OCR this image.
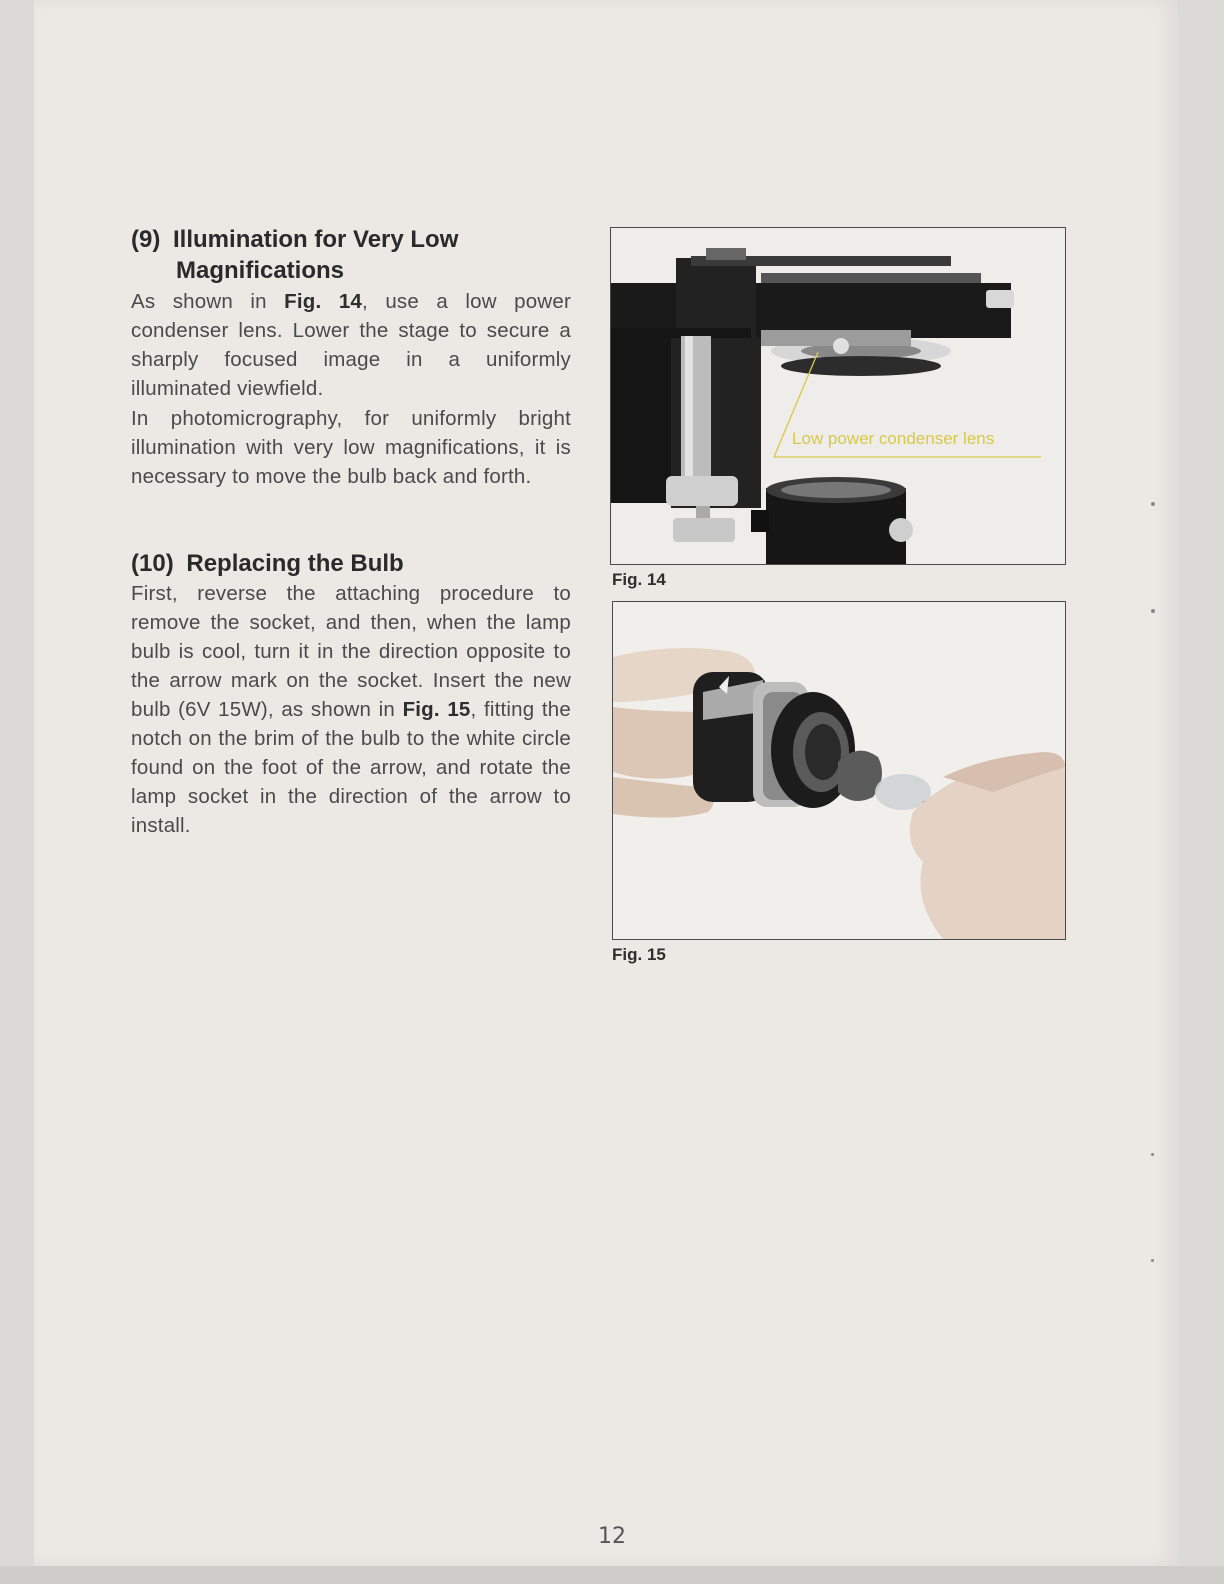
(9) Illumination for Very Low
Magnifications
As shown in Fig. 14, use a low power condenser lens. Lower the stage to secure a sharply focused image in a uniformly illuminated viewfield.
In photomicrography, for uniformly bright illumination with very low magnifications, it is necessary to move the bulb back and forth.
(10) Replacing the Bulb
First, reverse the attaching procedure to remove the socket, and then, when the lamp bulb is cool, turn it in the direction opposite to the arrow mark on the socket. Insert the new bulb (6V 15W), as shown in Fig. 15, fitting the notch on the brim of the bulb to the white circle found on the foot of the arrow, and rotate the lamp socket in the direction of the arrow to install.
Low power condenser lens
Fig. 14
Fig. 15
12
